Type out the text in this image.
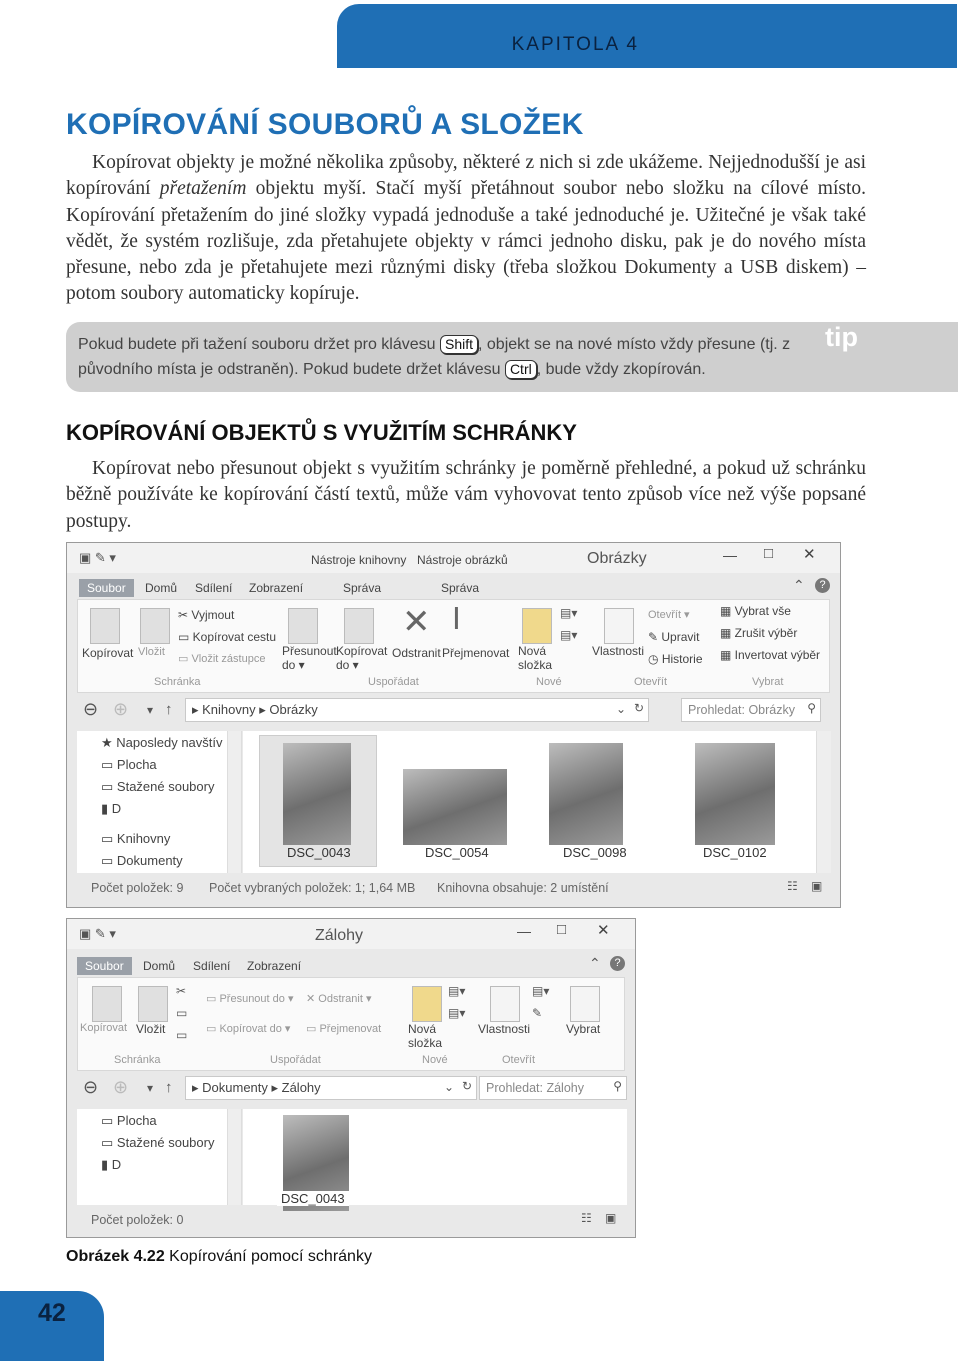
KAPITOLA 4
KOPÍROVÁNÍ SOUBORŮ A SLOŽEK
Kopírovat objekty je možné několika způsoby, některé z nich si zde ukážeme. Nejjednodušší je asi kopírování přetažením objektu myší. Stačí myší přetáhnout soubor nebo složku na cílové místo. Kopírování přetažením do jiné složky vypadá jednoduše a také jednoduché je. Užitečné je však také vědět, že systém rozlišuje, zda přetahujete objekty v rámci jednoho disku, pak je do nového místa přesune, nebo zda je přetahujete mezi různými disky (třeba složkou Dokumenty a USB diskem) – potom soubory automaticky kopíruje.
Pokud budete při tažení souboru držet pro klávesu Shift , objekt se na nové místo vždy přesune (tj. z původního místa je odstraněn). Pokud budete držet klávesu Ctrl , bude vždy zkopírován.
tip
KOPÍROVÁNÍ OBJEKTŮ S VYUŽITÍM SCHRÁNKY
Kopírovat nebo přesunout objekt s využitím schránky je poměrně přehledné, a pokud už schránku běžně používáte ke kopírování částí textů, může vám vyhovovat tento způsob více než výše popsané postupy.
▣ ✎ ▾	Nástroje knihovny Nástroje obrázků	Obrázky	— □ ✕
Soubor	Domů Sdílení Zobrazení	Správa	Správa	⌃	?
Kopírovat Vložit
✂ Vyjmout
▭ Kopírovat cestu
▭ Vložit zástupce
Přesunout
do ▾
Kopírovat
do ▾
✕
Odstranit
Ⅰ
Přejmenovat Nová
složka
▤▾
▤▾
Vlastnosti
Otevřít ▾
✎ Upravit
◷ Historie
▦ Vybrat vše
▦ Zrušit výběr
▦ Invertovat výběr
Schránka	Uspořádat	Nové	Otevřít	Vybrat
⊖ ⊕ ▾ ↑ ▸ Knihovny ▸ Obrázky	⌄ ↻	Prohledat: Obrázky ⚲
★ Naposledy navštív
▭ Plocha
▭ Stažené soubory
▮ D
▭ Knihovny
▭ Dokumenty
DSC_0043	DSC_0054	DSC_0098	DSC_0102
Počet položek: 9 Počet vybraných položek: 1; 1,64 MB Knihovna obsahuje: 2 umístění	☷ ▣
▣ ✎ ▾	Zálohy	— □ ✕
Soubor	Domů Sdílení Zobrazení	⌃	?
Kopírovat Vložit
✂
▭
▭
▭ Přesunout do ▾
▭ Kopírovat do ▾
✕ Odstranit ▾
▭ Přejmenovat Nová
složka
▤▾
▤▾
Vlastnosti
▤▾
✎
Vybrat
Schránka	Uspořádat	Nové	Otevřít
⊖ ⊕ ▾ ↑ ▸ Dokumenty ▸ Zálohy	⌄ ↻ Prohledat: Zálohy ⚲
▭ Plocha
▭ Stažené soubory
▮ D
DSC_0043
Počet položek: 0	☷ ▣
Obrázek 4.22 Kopírování pomocí schránky
42
